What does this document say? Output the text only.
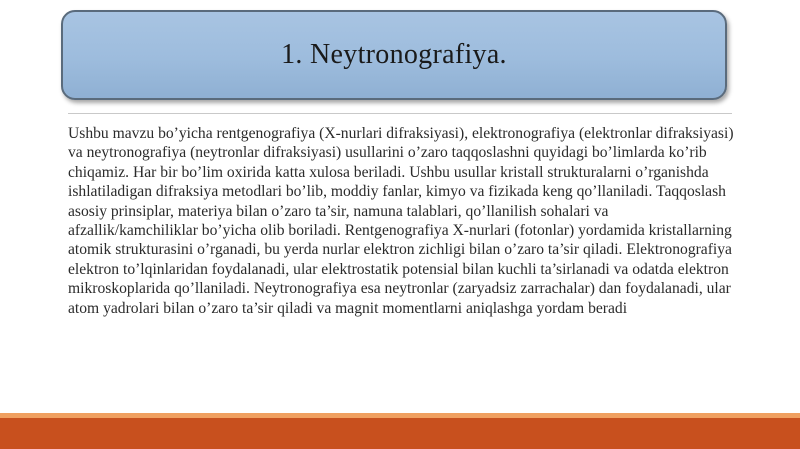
1. Neytronografiya.

Ushbu mavzu bo’yicha rentgenografiya (X-nurlari difraksiyasi), elektronografiya (elektronlar difraksiyasi) va neytronografiya (neytronlar difraksiyasi) usullarini o’zaro taqqoslashni quyidagi bo’limlarda ko’rib chiqamiz. Har bir bo’lim oxirida katta xulosa beriladi. Ushbu usullar kristall strukturalarni o’rganishda ishlatiladigan difraksiya metodlari bo’lib, moddiy fanlar, kimyo va fizikada keng qo’llaniladi. Taqqoslash asosiy prinsiplar, materiya bilan o’zaro ta’sir, namuna talablari, qo’llanilish sohalari va afzallik/kamchiliklar bo’yicha olib boriladi. Rentgenografiya X-nurlari (fotonlar) yordamida kristallarning atomik strukturasini o’rganadi, bu yerda nurlar elektron zichligi bilan o’zaro ta’sir qiladi. Elektronografiya elektron to’lqinlaridan foydalanadi, ular elektrostatik potensial bilan kuchli ta’sirlanadi va odatda elektron mikroskoplarida qo’llaniladi. Neytronografiya esa neytronlar (zaryadsiz zarrachalar) dan foydalanadi, ular atom yadrolari bilan o’zaro ta’sir qiladi va magnit momentlarni aniqlashga yordam beradi
